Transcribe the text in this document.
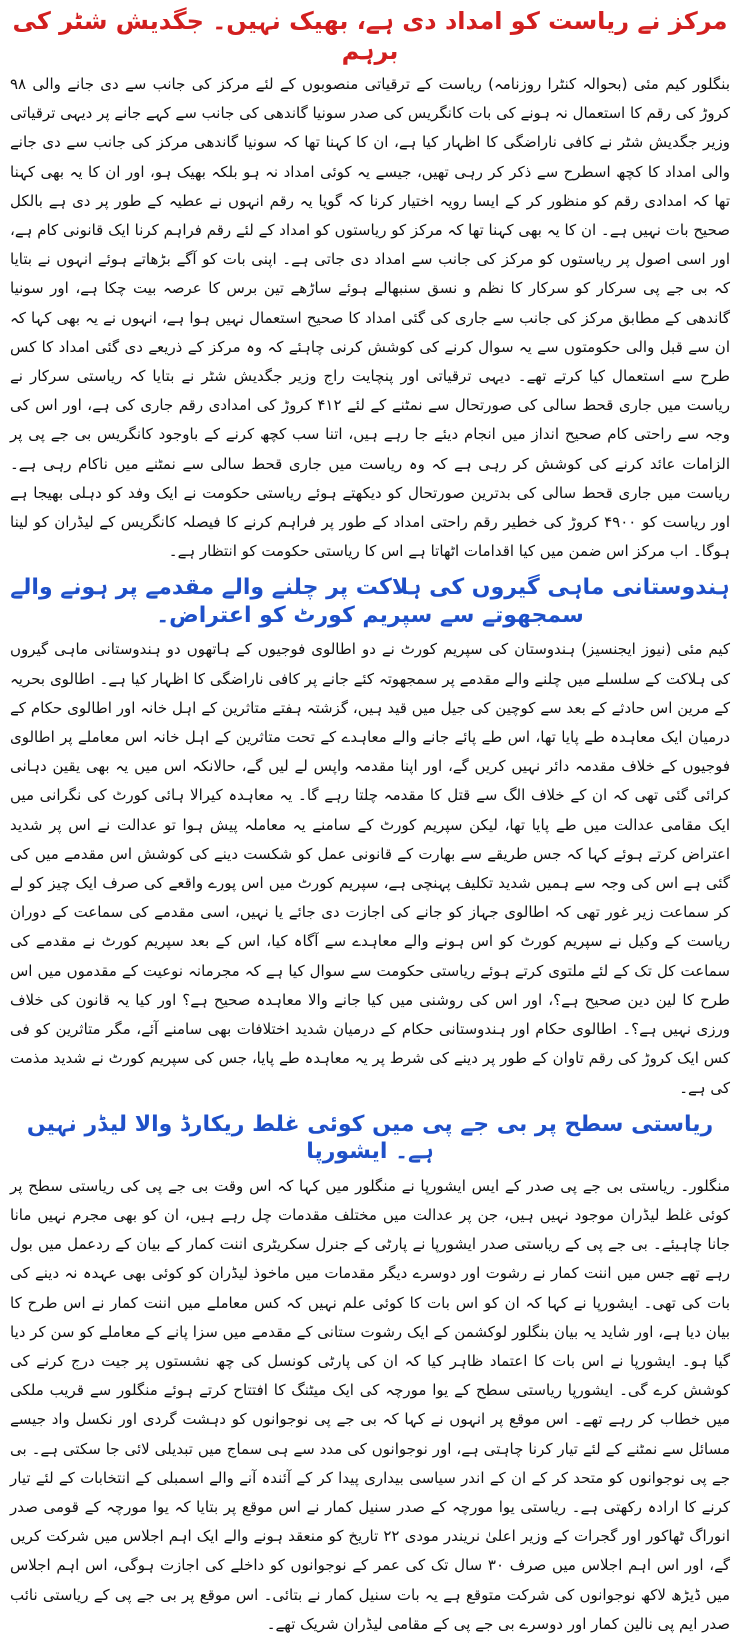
مرکز نے ریاست کو امداد دی ہے، بھیک نہیں۔ جگدیش شٹر کی برہم

بنگلور کیم مئی (بحوالہ کنٹرا روزنامہ) ریاست کے ترقیاتی منصوبوں کے لئے مرکز کی جانب سے دی جانے والی ۹۸ کروڑ کی رقم کا استعمال نہ ہونے کی بات کانگریس کی صدر سونیا گاندھی کی جانب سے کہے جانے پر دیہی ترقیاتی وزیر جگدیش شٹر نے کافی ناراضگی کا اظہار کیا ہے، ان کا کہنا تھا کہ سونیا گاندھی مرکز کی جانب سے دی جانے والی امداد کا کچھ اسطرح سے ذکر کر رہی تھیں، جیسے یہ کوئی امداد نہ ہو بلکہ بھیک ہو، اور ان کا یہ بھی کہنا تھا کہ امدادی رقم کو منظور کر کے ایسا رویہ اختیار کرنا کہ گویا یہ رقم انہوں نے عطیہ کے طور پر دی ہے بالکل صحیح بات نہیں ہے۔ ان کا یہ بھی کہنا تھا کہ مرکز کو ریاستوں کو امداد کے لئے رقم فراہم کرنا ایک قانونی کام ہے، اور اسی اصول پر ریاستوں کو مرکز کی جانب سے امداد دی جاتی ہے۔ اپنی بات کو آگے بڑھاتے ہوئے انہوں نے بتایا کہ بی جے پی سرکار کو سرکار کا نظم و نسق سنبھالے ہوئے ساڑھے تین برس کا عرصہ بیت چکا ہے، اور سونیا گاندھی کے مطابق مرکز کی جانب سے جاری کی گئی امداد کا صحیح استعمال نہیں ہوا ہے، انہوں نے یہ بھی کہا کہ ان سے قبل والی حکومتوں سے یہ سوال کرنے کی کوشش کرنی چاہئے کہ وہ مرکز کے ذریعے دی گئی امداد کا کس طرح سے استعمال کیا کرتے تھے۔ دیہی ترقیاتی اور پنچایت راج وزیر جگدیش شٹر نے بتایا کہ ریاستی سرکار نے ریاست میں جاری قحط سالی کی صورتحال سے نمٹنے کے لئے ۴۱۲ کروڑ کی امدادی رقم جاری کی ہے، اور اس کی وجہ سے راحتی کام صحیح انداز میں انجام دیئے جا رہے ہیں، اتنا سب کچھ کرنے کے باوجود کانگریس بی جے پی پر الزامات عائد کرنے کی کوشش کر رہی ہے کہ وہ ریاست میں جاری قحط سالی سے نمٹنے میں ناکام رہی ہے۔ ریاست میں جاری قحط سالی کی بدترین صورتحال کو دیکھتے ہوئے ریاستی حکومت نے ایک وفد کو دہلی بھیجا ہے اور ریاست کو ۴۹۰۰ کروڑ کی خطیر رقم راحتی امداد کے طور پر فراہم کرنے کا فیصلہ کانگریس کے لیڈران کو لینا ہوگا۔ اب مرکز اس ضمن میں کیا اقدامات اٹھاتا ہے اس کا ریاستی حکومت کو انتظار ہے۔

ہندوستانی ماہی گیروں کی ہلاکت پر چلنے والے مقدمے پر ہونے والے سمجھوتے سے سپریم کورٹ کو اعتراض۔

کیم مئی (نیوز ایجنسیز) ہندوستان کی سپریم کورٹ نے دو اطالوی فوجیوں کے ہاتھوں دو ہندوستانی ماہی گیروں کی ہلاکت کے سلسلے میں چلنے والے مقدمے پر سمجھوتہ کئے جانے پر کافی ناراضگی کا اظہار کیا ہے۔ اطالوی بحریہ کے مرین اس حادثے کے بعد سے کوچین کی جیل میں قید ہیں، گزشتہ ہفتے متاثرین کے اہل خانہ اور اطالوی حکام کے درمیان ایک معاہدہ طے پایا تھا، اس طے پائے جانے والے معاہدے کے تحت متاثرین کے اہل خانہ اس معاملے پر اطالوی فوجیوں کے خلاف مقدمہ دائر نہیں کریں گے، اور اپنا مقدمہ واپس لے لیں گے، حالانکہ اس میں یہ بھی یقین دہانی کرائی گئی تھی کہ ان کے خلاف الگ سے قتل کا مقدمہ چلتا رہے گا۔ یہ معاہدہ کیرالا ہائی کورٹ کی نگرانی میں ایک مقامی عدالت میں طے پایا تھا، لیکن سپریم کورٹ کے سامنے یہ معاملہ پیش ہوا تو عدالت نے اس پر شدید اعتراض کرتے ہوئے کہا کہ جس طریقے سے بھارت کے قانونی عمل کو شکست دینے کی کوشش اس مقدمے میں کی گئی ہے اس کی وجہ سے ہمیں شدید تکلیف پہنچی ہے، سپریم کورٹ میں اس پورے واقعے کی صرف ایک چیز کو لے کر سماعت زیر غور تھی کہ اطالوی جہاز کو جانے کی اجازت دی جائے یا نہیں، اسی مقدمے کی سماعت کے دوران ریاست کے وکیل نے سپریم کورٹ کو اس ہونے والے معاہدے سے آگاہ کیا، اس کے بعد سپریم کورٹ نے مقدمے کی سماعت کل تک کے لئے ملتوی کرتے ہوئے ریاستی حکومت سے سوال کیا ہے کہ مجرمانہ نوعیت کے مقدموں میں اس طرح کا لین دین صحیح ہے؟، اور اس کی روشنی میں کیا جانے والا معاہدہ صحیح ہے؟ اور کیا یہ قانون کی خلاف ورزی نہیں ہے؟۔ اطالوی حکام اور ہندوستانی حکام کے درمیان شدید اختلافات بھی سامنے آئے، مگر متاثرین کو فی کس ایک کروڑ کی رقم تاوان کے طور پر دینے کی شرط پر یہ معاہدہ طے پایا، جس کی سپریم کورٹ نے شدید مذمت کی ہے۔

ریاستی سطح پر بی جے پی میں کوئی غلط ریکارڈ والا لیڈر نہیں ہے۔ ایشورپا

منگلور۔ ریاستی بی جے پی صدر کے ایس ایشورپا نے منگلور میں کہا کہ اس وقت بی جے پی کی ریاستی سطح پر کوئی غلط لیڈران موجود نہیں ہیں، جن پر عدالت میں مختلف مقدمات چل رہے ہیں، ان کو بھی مجرم نہیں مانا جانا چاہیئے۔ بی جے پی کے ریاستی صدر ایشورپا نے پارٹی کے جنرل سکریٹری اننت کمار کے بیان کے ردعمل میں بول رہے تھے جس میں اننت کمار نے رشوت اور دوسرے دیگر مقدمات میں ماخوذ لیڈران کو کوئی بھی عہدہ نہ دینے کی بات کی تھی۔ ایشورپا نے کہا کہ ان کو اس بات کا کوئی علم نہیں کہ کس معاملے میں اننت کمار نے اس طرح کا بیان دیا ہے، اور شاید یہ بیان بنگلور لوکشمن کے ایک رشوت ستانی کے مقدمے میں سزا پانے کے معاملے کو سن کر دیا گیا ہو۔ ایشورپا نے اس بات کا اعتماد ظاہر کیا کہ ان کی پارٹی کونسل کی چھ نشستوں پر جیت درج کرنے کی کوشش کرے گی۔ ایشورپا ریاستی سطح کے یوا مورچہ کی ایک میٹنگ کا افتتاح کرتے ہوئے منگلور سے قریب ملکی میں خطاب کر رہے تھے۔ اس موقع پر انہوں نے کہا کہ بی جے پی نوجوانوں کو دہشت گردی اور نکسل واد جیسے مسائل سے نمٹنے کے لئے تیار کرنا چاہتی ہے، اور نوجوانوں کی مدد سے ہی سماج میں تبدیلی لائی جا سکتی ہے۔ بی جے پی نوجوانوں کو متحد کر کے ان کے اندر سیاسی بیداری پیدا کر کے آئندہ آنے والے اسمبلی کے انتخابات کے لئے تیار کرنے کا ارادہ رکھتی ہے۔ ریاستی یوا مورچہ کے صدر سنیل کمار نے اس موقع پر بتایا کہ یوا مورچہ کے قومی صدر انوراگ ٹھاکور اور گجرات کے وزیر اعلیٰ نریندر مودی ۲۲ تاریخ کو منعقد ہونے والے ایک اہم اجلاس میں شرکت کریں گے، اور اس اہم اجلاس میں صرف ۳۰ سال تک کی عمر کے نوجوانوں کو داخلے کی اجازت ہوگی، اس اہم اجلاس میں ڈیڑھ لاکھ نوجوانوں کی شرکت متوقع ہے یہ بات سنیل کمار نے بتائی۔ اس موقع پر بی جے پی کے ریاستی نائب صدر ایم پی نالین کمار اور دوسرے بی جے پی کے مقامی لیڈران شریک تھے۔
